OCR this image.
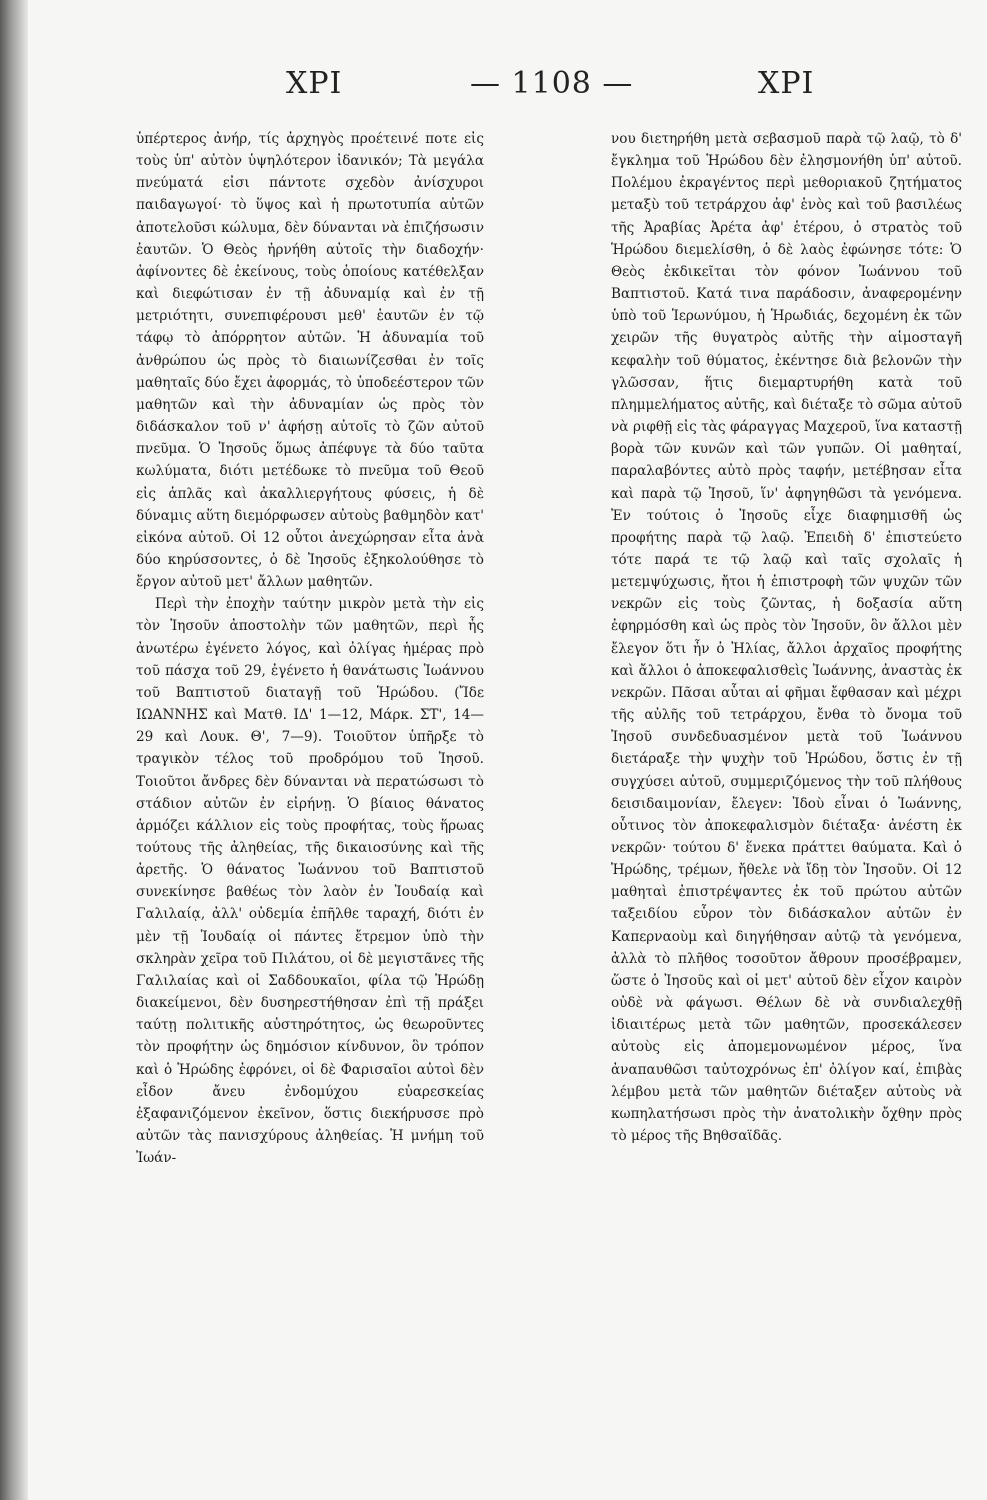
ΧΡΙ	— 1108 —	ΧΡΙ

ὑπέρτερος ἀνήρ, τίς ἀρχηγὸς προέτεινέ ποτε εἰς τοὺς ὑπ' αὐτὸν ὑψηλότερον ἰδανικόν; Τὰ μεγάλα πνεύματά εἰσι πάντοτε σχεδὸν ἀνίσχυροι παιδαγωγοί· τὸ ὕψος καὶ ἡ πρωτοτυπία αὐτῶν ἀποτελοῦσι κώλυμα, δὲν δύνανται νὰ ἐπιζήσωσιν ἑαυτῶν. Ὁ Θεὸς ἠρνήθη αὐτοῖς τὴν διαδοχήν· ἀφίνοντες δὲ ἐκείνους, τοὺς ὁποίους κατέθελξαν καὶ διεφώτισαν ἐν τῇ ἀδυναμίᾳ καὶ ἐν τῇ μετριότητι, συνεπιφέρουσι μεθ' ἑαυτῶν ἐν τῷ τάφῳ τὸ ἀπόρρητον αὐτῶν. Ἡ ἀδυναμία τοῦ ἀνθρώπου ὡς πρὸς τὸ διαιωνίζεσθαι ἐν τοῖς μαθηταῖς δύο ἔχει ἀφορμάς, τὸ ὑποδεέστερον τῶν μαθητῶν καὶ τὴν ἀδυναμίαν ὡς πρὸς τὸν διδάσκαλον τοῦ ν' ἀφήσῃ αὐτοῖς τὸ ζῶν αὐτοῦ πνεῦμα. Ὁ Ἰησοῦς ὅμως ἀπέφυγε τὰ δύο ταῦτα κωλύματα, διότι μετέδωκε τὸ πνεῦμα τοῦ Θεοῦ εἰς ἁπλᾶς καὶ ἀκαλλιεργήτους φύσεις, ἡ δὲ δύναμις αὕτη διεμόρφωσεν αὐτοὺς βαθμηδὸν κατ' εἰκόνα αὐτοῦ. Οἱ 12 οὗτοι ἀνεχώρησαν εἶτα ἀνὰ δύο κηρύσσοντες, ὁ δὲ Ἰησοῦς ἐξηκολούθησε τὸ ἔργον αὐτοῦ μετ' ἄλλων μαθητῶν.

Περὶ τὴν ἐποχὴν ταύτην μικρὸν μετὰ τὴν εἰς τὸν Ἰησοῦν ἀποστολὴν τῶν μαθητῶν, περὶ ἧς ἀνωτέρω ἐγένετο λόγος, καὶ ὀλίγας ἡμέρας πρὸ τοῦ πάσχα τοῦ 29, ἐγένετο ἡ θανάτωσις Ἰωάννου τοῦ Βαπτιστοῦ διαταγῇ τοῦ Ἡρώδου. (Ἴδε ΙΩΑΝΝΗΣ καὶ Ματθ. ΙΔ' 1—12, Μάρκ. ΣΤ', 14—29 καὶ Λουκ. Θ', 7—9). Τοιοῦτον ὑπῆρξε τὸ τραγικὸν τέλος τοῦ προδρόμου τοῦ Ἰησοῦ. Τοιοῦτοι ἄνδρες δὲν δύνανται νὰ περατώσωσι τὸ στάδιον αὐτῶν ἐν εἰρήνῃ. Ὁ βίαιος θάνατος ἁρμόζει κάλλιον εἰς τοὺς προφήτας, τοὺς ἥρωας τούτους τῆς ἀληθείας, τῆς δικαιοσύνης καὶ τῆς ἀρετῆς. Ὁ θάνατος Ἰωάννου τοῦ Βαπτιστοῦ συνεκίνησε βαθέως τὸν λαὸν ἐν Ἰουδαίᾳ καὶ Γαλιλαίᾳ, ἀλλ' οὐδεμία ἐπῆλθε ταραχή, διότι ἐν μὲν τῇ Ἰουδαίᾳ οἱ πάντες ἔτρεμον ὑπὸ τὴν σκληρὰν χεῖρα τοῦ Πιλάτου, οἱ δὲ μεγιστᾶνες τῆς Γαλιλαίας καὶ οἱ Σαδδουκαῖοι, φίλα τῷ Ἡρώδῃ διακείμενοι, δὲν δυσηρεστήθησαν ἐπὶ τῇ πράξει ταύτῃ πολιτικῆς αὐστηρότητος, ὡς θεωροῦντες τὸν προφήτην ὡς δημόσιον κίνδυνον, ὃν τρόπον καὶ ὁ Ἡρώδης ἐφρόνει, οἱ δὲ Φαρισαῖοι αὐτοὶ δὲν εἶδον ἄνευ ἐνδομύχου εὐαρεσκείας ἐξαφανιζόμενον ἐκεῖνον, ὅστις διεκήρυσσε πρὸ αὐτῶν τὰς πανισχύρους ἀληθείας. Ἡ μνήμη τοῦ Ἰωάν-

νου διετηρήθη μετὰ σεβασμοῦ παρὰ τῷ λαῷ, τὸ δ' ἔγκλημα τοῦ Ἡρώδου δὲν ἐλησμονήθη ὑπ' αὐτοῦ. Πολέμου ἐκραγέντος περὶ μεθοριακοῦ ζητήματος μεταξὺ τοῦ τετράρχου ἀφ' ἑνὸς καὶ τοῦ βασιλέως τῆς Ἀραβίας Ἀρέτα ἀφ' ἑτέρου, ὁ στρατὸς τοῦ Ἡρώδου διεμελίσθη, ὁ δὲ λαὸς ἐφώνησε τότε: Ὁ Θεὸς ἐκδικεῖται τὸν φόνον Ἰωάννου τοῦ Βαπτιστοῦ. Κατά τινα παράδοσιν, ἀναφερομένην ὑπὸ τοῦ Ἱερωνύμου, ἡ Ἡρωδιάς, δεχομένη ἐκ τῶν χειρῶν τῆς θυγατρὸς αὐτῆς τὴν αἱμοσταγῆ κεφαλὴν τοῦ θύματος, ἐκέντησε διὰ βελονῶν τὴν γλῶσσαν, ἥτις διεμαρτυρήθη κατὰ τοῦ πλημμελήματος αὐτῆς, καὶ διέταξε τὸ σῶμα αὐτοῦ νὰ ριφθῇ εἰς τὰς φάραγγας Μαχεροῦ, ἵνα καταστῇ βορὰ τῶν κυνῶν καὶ τῶν γυπῶν. Οἱ μαθηταί, παραλαβόντες αὐτὸ πρὸς ταφήν, μετέβησαν εἶτα καὶ παρὰ τῷ Ἰησοῦ, ἵν' ἀφηγηθῶσι τὰ γενόμενα. Ἐν τούτοις ὁ Ἰησοῦς εἶχε διαφημισθῆ ὡς προφήτης παρὰ τῷ λαῷ. Ἐπειδὴ δ' ἐπιστεύετο τότε παρά τε τῷ λαῷ καὶ ταῖς σχολαῖς ἡ μετεμψύχωσις, ἤτοι ἡ ἐπιστροφὴ τῶν ψυχῶν τῶν νεκρῶν εἰς τοὺς ζῶντας, ἡ δοξασία αὕτη ἐφηρμόσθη καὶ ὡς πρὸς τὸν Ἰησοῦν, ὃν ἄλλοι μὲν ἔλεγον ὅτι ἦν ὁ Ἠλίας, ἄλλοι ἀρχαῖος προφήτης καὶ ἄλλοι ὁ ἀποκεφαλισθεὶς Ἰωάννης, ἀναστὰς ἐκ νεκρῶν. Πᾶσαι αὗται αἱ φῆμαι ἔφθασαν καὶ μέχρι τῆς αὐλῆς τοῦ τετράρχου, ἔνθα τὸ ὄνομα τοῦ Ἰησοῦ συνδεδυασμένον μετὰ τοῦ Ἰωάννου διετάραξε τὴν ψυχὴν τοῦ Ἡρώδου, ὅστις ἐν τῇ συγχύσει αὐτοῦ, συμμεριζόμενος τὴν τοῦ πλήθους δεισιδαιμονίαν, ἔλεγεν: Ἰδοὺ εἶναι ὁ Ἰωάννης, οὗτινος τὸν ἀποκεφαλισμὸν διέταξα· ἀνέστη ἐκ νεκρῶν· τούτου δ' ἕνεκα πράττει θαύματα. Καὶ ὁ Ἡρώδης, τρέμων, ἤθελε νὰ ἴδῃ τὸν Ἰησοῦν. Οἱ 12 μαθηταὶ ἐπιστρέψαντες ἐκ τοῦ πρώτου αὐτῶν ταξειδίου εὗρον τὸν διδάσκαλον αὐτῶν ἐν Καπερναοὺμ καὶ διηγήθησαν αὐτῷ τὰ γενόμενα, ἀλλὰ τὸ πλῆθος τοσοῦτον ἄθρουν προσέβραμεν, ὥστε ὁ Ἰησοῦς καὶ οἱ μετ' αὐτοῦ δὲν εἶχον καιρὸν οὐδὲ νὰ φάγωσι. Θέλων δὲ νὰ συνδιαλεχθῇ ἰδιαιτέρως μετὰ τῶν μαθητῶν, προσεκάλεσεν αὐτοὺς εἰς ἀπομεμονωμένον μέρος, ἵνα ἀναπαυθῶσι ταὐτοχρόνως ἐπ' ὀλίγον καί, ἐπιβὰς λέμβου μετὰ τῶν μαθητῶν διέταξεν αὐτοὺς νὰ κωπηλατήσωσι πρὸς τὴν ἀνατολικὴν ὄχθην πρὸς τὸ μέρος τῆς Βηθσαϊδᾶς.
